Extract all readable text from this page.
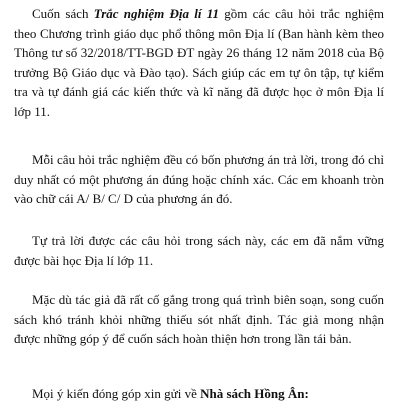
Cuốn sách Trắc nghiệm Địa lí 11 gồm các câu hỏi trắc nghiệm theo Chương trình giáo dục phổ thông môn Địa lí (Ban hành kèm theo Thông tư số 32/2018/TT-BGD ĐT ngày 26 tháng 12 năm 2018 của Bộ trưởng Bộ Giáo dục và Đào tạo). Sách giúp các em tự ôn tập, tự kiểm tra và tự đánh giá các kiến thức và kĩ năng đã được học ở môn Địa lí lớp 11.

Mỗi câu hỏi trắc nghiệm đều có bốn phương án trả lời, trong đó chỉ duy nhất có một phương án đúng hoặc chính xác. Các em khoanh tròn vào chữ cái A/ B/ C/ D của phương án đó.

Tự trả lời được các câu hỏi trong sách này, các em đã nắm vững được bài học Địa lí lớp 11.

Mặc dù tác giả đã rất cố gắng trong quá trình biên soạn, song cuốn sách khó tránh khỏi những thiếu sót nhất định. Tác giả mong nhận được những góp ý để cuốn sách hoàn thiện hơn trong lần tái bản.

Mọi ý kiến đóng góp xin gửi về Nhà sách Hồng Ân:
